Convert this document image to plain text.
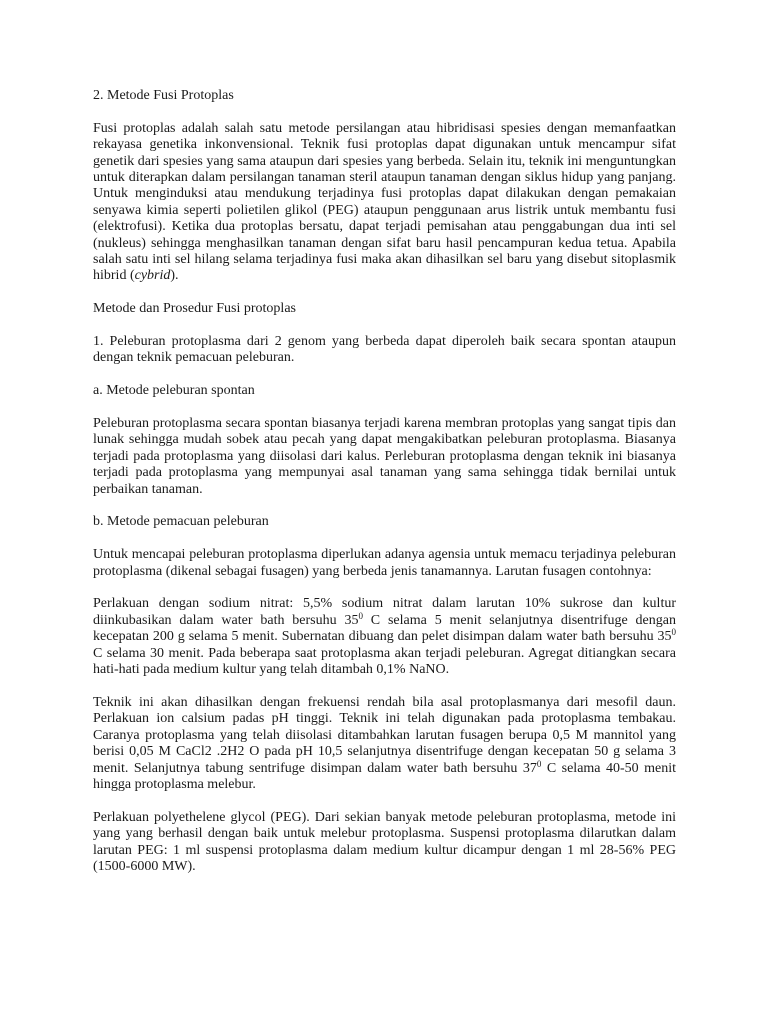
2. Metode Fusi Protoplas

Fusi protoplas adalah salah satu metode persilangan atau hibridisasi spesies dengan memanfaatkan rekayasa genetika inkonvensional. Teknik fusi protoplas dapat digunakan untuk mencampur sifat genetik dari spesies yang sama ataupun dari spesies yang berbeda. Selain itu, teknik ini menguntungkan untuk diterapkan dalam persilangan tanaman steril ataupun tanaman dengan siklus hidup yang panjang. Untuk menginduksi atau mendukung terjadinya fusi protoplas dapat dilakukan dengan pemakaian senyawa kimia seperti polietilen glikol (PEG) ataupun penggunaan arus listrik untuk membantu fusi (elektrofusi). Ketika dua protoplas bersatu, dapat terjadi pemisahan atau penggabungan dua inti sel (nukleus) sehingga menghasilkan tanaman dengan sifat baru hasil pencampuran kedua tetua. Apabila salah satu inti sel hilang selama terjadinya fusi maka akan dihasilkan sel baru yang disebut sitoplasmik hibrid (cybrid).

Metode dan Prosedur Fusi protoplas

1. Peleburan protoplasma dari 2 genom yang berbeda dapat diperoleh baik secara spontan ataupun dengan teknik pemacuan peleburan.

a. Metode peleburan spontan

Peleburan protoplasma secara spontan biasanya terjadi karena membran protoplas yang sangat tipis dan lunak sehingga mudah sobek atau pecah yang dapat mengakibatkan peleburan protoplasma. Biasanya terjadi pada protoplasma yang diisolasi dari kalus. Perleburan protoplasma dengan teknik ini biasanya terjadi pada protoplasma yang mempunyai asal tanaman yang sama sehingga tidak bernilai untuk perbaikan tanaman.

b. Metode pemacuan peleburan

Untuk mencapai peleburan protoplasma diperlukan adanya agensia untuk memacu terjadinya peleburan protoplasma (dikenal sebagai fusagen) yang berbeda jenis tanamannya. Larutan fusagen contohnya:

Perlakuan dengan sodium nitrat: 5,5% sodium nitrat dalam larutan 10% sukrose dan kultur diinkubasikan dalam water bath bersuhu $35^0$ C selama 5 menit selanjutnya disentrifuge dengan kecepatan 200 g selama 5 menit. Subernatan dibuang dan pelet disimpan dalam water bath bersuhu $35^0$ C selama 30 menit. Pada beberapa saat protoplasma akan terjadi peleburan. Agregat ditiangkan secara hati-hati pada medium kultur yang telah ditambah 0,1% NaNO.

Teknik ini akan dihasilkan dengan frekuensi rendah bila asal protoplasmanya dari mesofil daun. Perlakuan ion calsium padas pH tinggi. Teknik ini telah digunakan pada protoplasma tembakau. Caranya protoplasma yang telah diisolasi ditambahkan larutan fusagen berupa 0,5 M mannitol yang berisi 0,05 M CaCl2 .2H2 O pada pH 10,5 selanjutnya disentrifuge dengan kecepatan 50 g selama 3 menit. Selanjutnya tabung sentrifuge disimpan dalam water bath bersuhu $37^0$ C selama 40-50 menit hingga protoplasma melebur.

Perlakuan polyethelene glycol (PEG). Dari sekian banyak metode peleburan protoplasma, metode ini yang yang berhasil dengan baik untuk melebur protoplasma. Suspensi protoplasma dilarutkan dalam larutan PEG: 1 ml suspensi protoplasma dalam medium kultur dicampur dengan 1 ml 28-56% PEG (1500-6000 MW).
